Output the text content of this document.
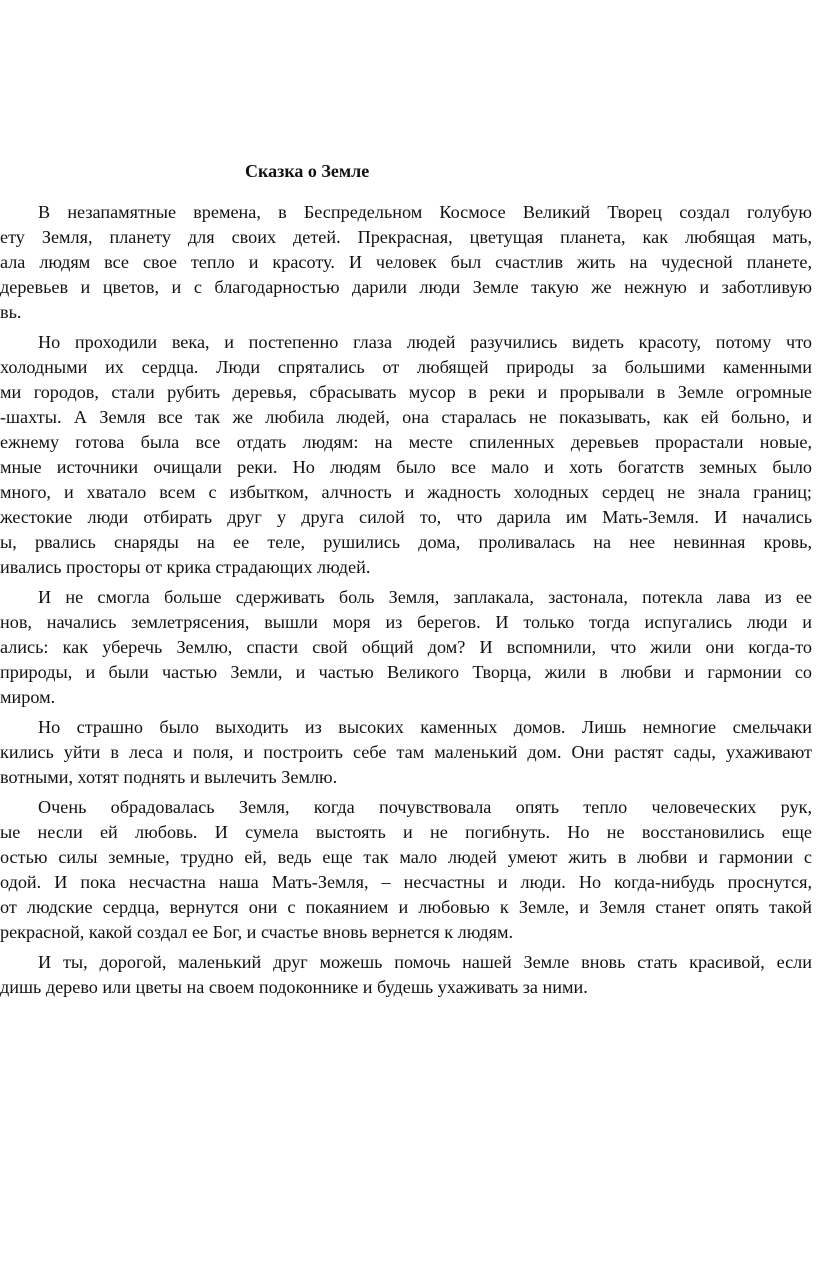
Сказка о Земле
В незапамятные времена, в Беспредельном Космосе Великий Творец создал голубую
ету Земля, планету для своих детей. Прекрасная, цветущая планета, как любящая мать,
ала людям все свое тепло и красоту. И человек был счастлив жить на чудесной планете,
деревьев и цветов, и с благодарностью дарили люди Земле такую же нежную и заботливую
вь.
Но проходили века, и постепенно глаза людей разучились видеть красоту, потому что
холодными их сердца. Люди спрятались от любящей природы за большими каменными
ми городов, стали рубить деревья, сбрасывать мусор в реки и прорывали в Земле огромные
-шахты. А Земля все так же любила людей, она старалась не показывать, как ей больно, и
ежнему готова была все отдать людям: на месте спиленных деревьев прорастали новые,
мные источники очищали реки. Но людям было все мало и хоть богатств земных было
много, и хватало всем с избытком, алчность и жадность холодных сердец не знала границ;
жестокие люди отбирать друг у друга силой то, что дарила им Мать-Земля. И начались
ы, рвались снаряды на ее теле, рушились дома, проливалась на нее невинная кровь,
ивались просторы от крика страдающих людей.
И не смогла больше сдерживать боль Земля, заплакала, застонала, потекла лава из ее
нов, начались землетрясения, вышли моря из берегов. И только тогда испугались люди и
ались: как уберечь Землю, спасти свой общий дом? И вспомнили, что жили они когда-то
природы, и были частью Земли, и частью Великого Творца, жили в любви и гармонии со
миром.
Но страшно было выходить из высоких каменных домов. Лишь немногие смельчаки
кились уйти в леса и поля, и построить себе там маленький дом. Они растят сады, ухаживают
вотными, хотят поднять и вылечить Землю.
Очень обрадовалась Земля, когда почувствовала опять тепло человеческих рук,
ые несли ей любовь. И сумела выстоять и не погибнуть. Но не восстановились еще
остью силы земные, трудно ей, ведь еще так мало людей умеют жить в любви и гармонии с
одой. И пока несчастна наша Мать-Земля, – несчастны и люди. Но когда-нибудь проснутся,
от людские сердца, вернутся они с покаянием и любовью к Земле, и Земля станет опять такой
рекрасной, какой создал ее Бог, и счастье вновь вернется к людям.
И ты, дорогой, маленький друг можешь помочь нашей Земле вновь стать красивой, если
дишь дерево или цветы на своем подоконнике и будешь ухаживать за ними.
